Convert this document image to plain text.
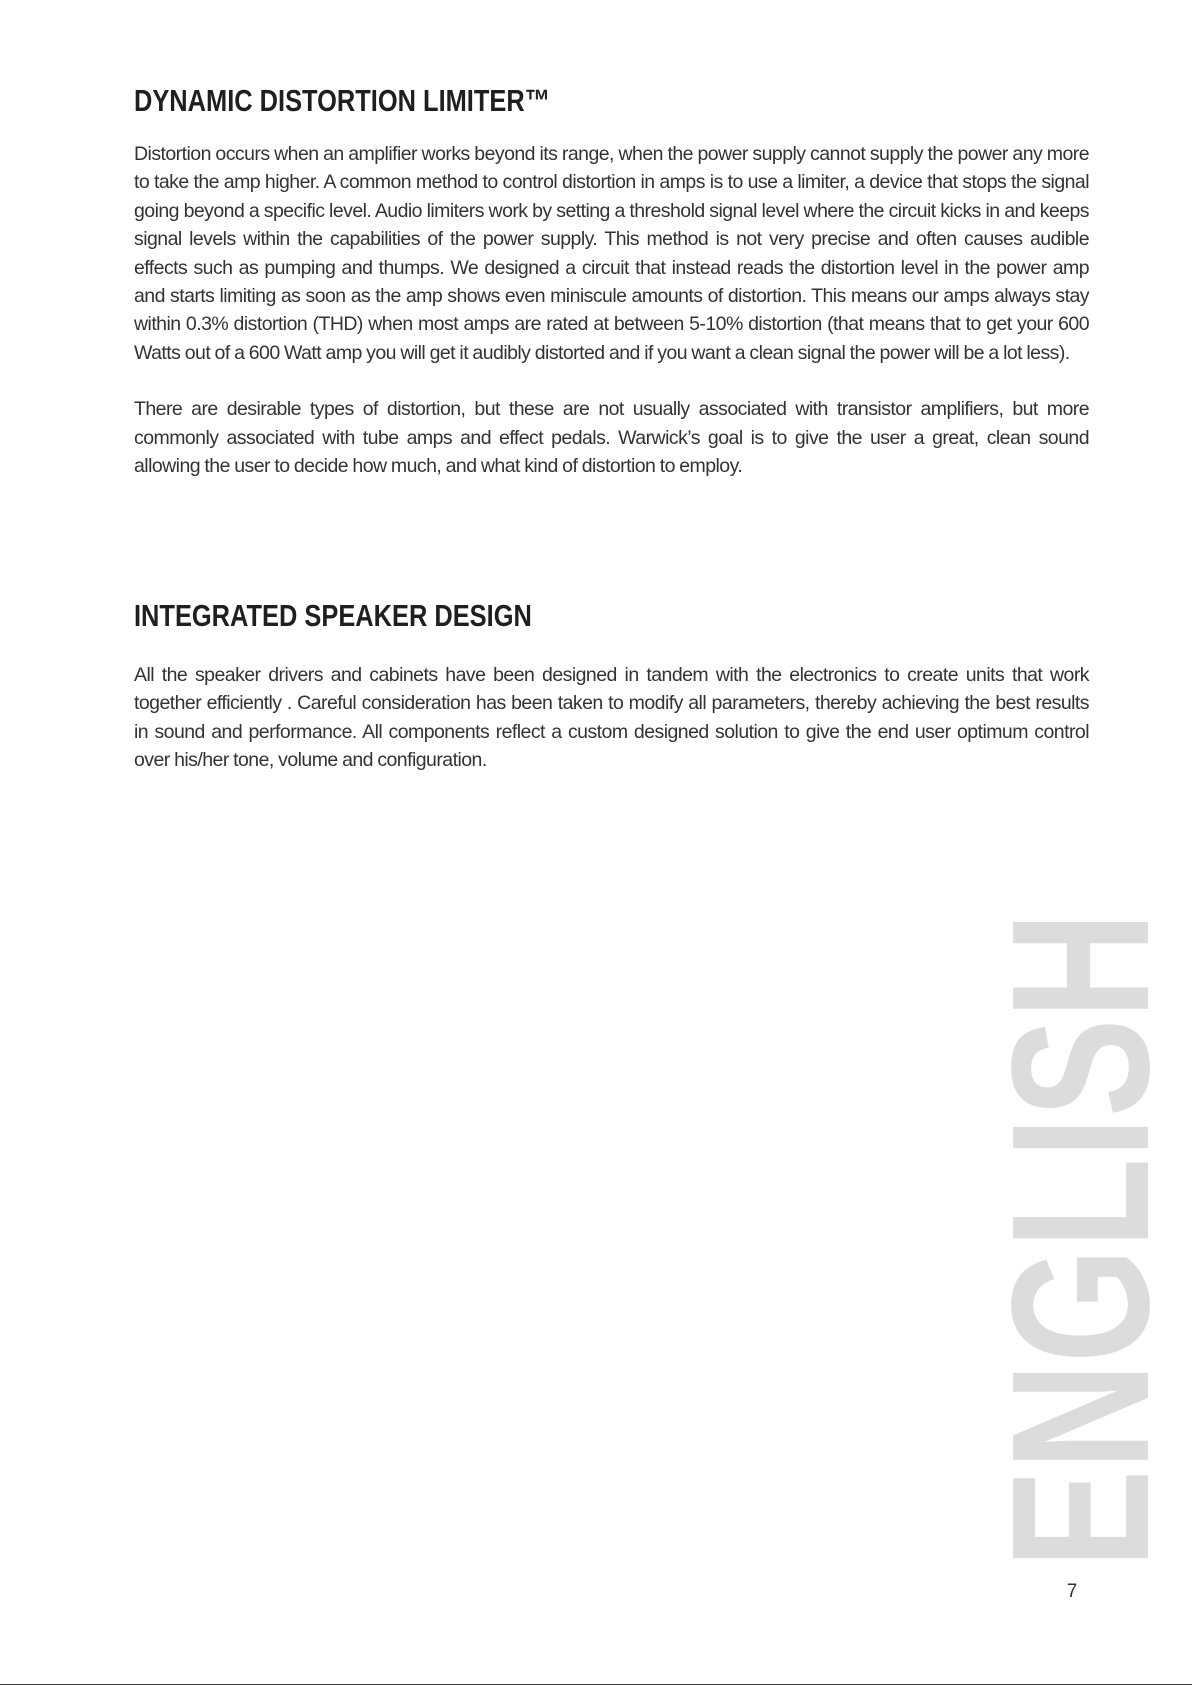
DYNAMIC DISTORTION LIMITER™

Distortion occurs when an amplifier works beyond its range, when the power supply cannot supply the power any more to take the amp higher. A common method to control distortion in amps is to use a limiter, a device that stops the signal going beyond a specific level. Audio limiters work by setting a threshold signal level where the circuit kicks in and keeps signal levels within the capabilities of the power supply. This method is not very precise and often causes audible effects such as pumping and thumps. We designed a circuit that instead reads the distortion level in the power amp and starts limiting as soon as the amp shows even miniscule amounts of distortion. This means our amps always stay within 0.3% distortion (THD) when most amps are rated at between 5-10% distortion (that means that to get your 600 Watts out of a 600 Watt amp you will get it audibly distorted and if you want a clean signal the power will be a lot less).

There are desirable types of distortion, but these are not usually associated with transistor amplifiers, but more commonly associated with tube amps and effect pedals. Warwick’s goal is to give the user a great, clean sound allowing the user to decide how much, and what kind of distortion to employ.

INTEGRATED SPEAKER DESIGN

All the speaker drivers and cabinets have been designed in tandem with the electronics to create units that work together efficiently . Careful consideration has been taken to modify all parameters, thereby achieving the best results in sound and performance. All components reflect a custom designed solution to give the end user optimum control over his/her tone, volume and configuration.	ENGLISH
7
